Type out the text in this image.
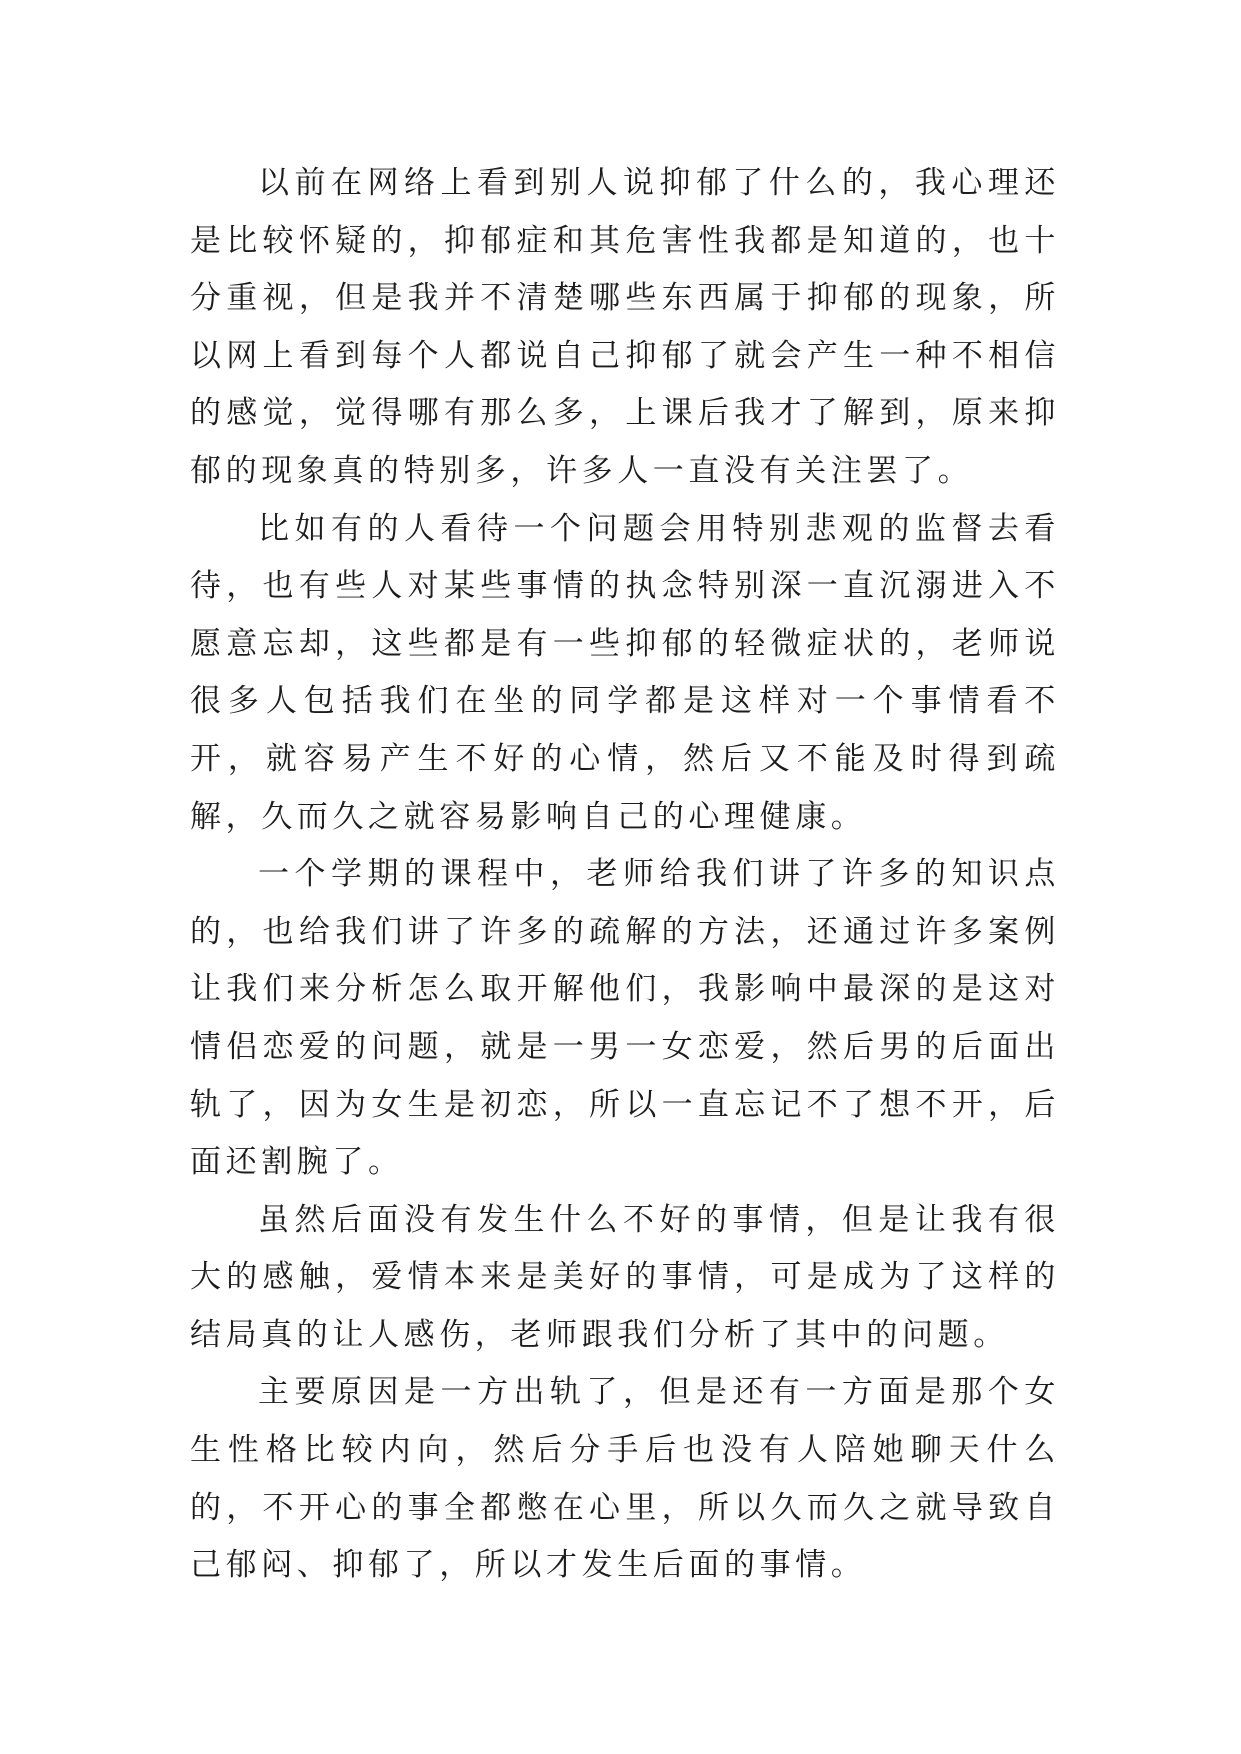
以前在网络上看到别人说抑郁了什么的，我心理还是比较怀疑的，抑郁症和其危害性我都是知道的，也十分重视，但是我并不清楚哪些东西属于抑郁的现象，所以网上看到每个人都说自己抑郁了就会产生一种不相信的感觉，觉得哪有那么多，上课后我才了解到，原来抑郁的现象真的特别多，许多人一直没有关注罢了。

比如有的人看待一个问题会用特别悲观的监督去看待，也有些人对某些事情的执念特别深一直沉溺进入不愿意忘却，这些都是有一些抑郁的轻微症状的，老师说很多人包括我们在坐的同学都是这样对一个事情看不开，就容易产生不好的心情，然后又不能及时得到疏解，久而久之就容易影响自己的心理健康。

一个学期的课程中，老师给我们讲了许多的知识点的，也给我们讲了许多的疏解的方法，还通过许多案例让我们来分析怎么取开解他们，我影响中最深的是这对情侣恋爱的问题，就是一男一女恋爱，然后男的后面出轨了，因为女生是初恋，所以一直忘记不了想不开，后面还割腕了。

虽然后面没有发生什么不好的事情，但是让我有很大的感触，爱情本来是美好的事情，可是成为了这样的结局真的让人感伤，老师跟我们分析了其中的问题。

主要原因是一方出轨了，但是还有一方面是那个女生性格比较内向，然后分手后也没有人陪她聊天什么的，不开心的事全都憋在心里，所以久而久之就导致自己郁闷、抑郁了，所以才发生后面的事情。
